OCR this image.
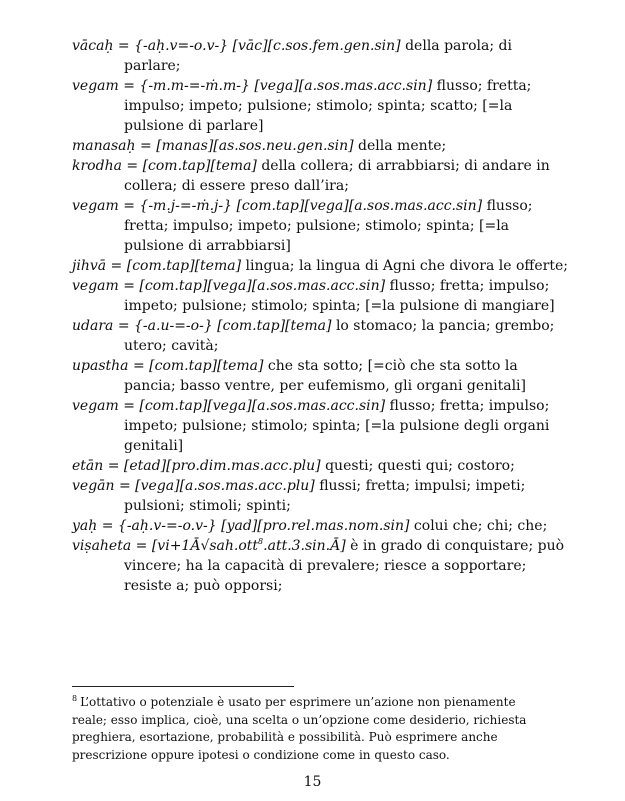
vācaḥ = {-aḥ.v=-o.v-} [vāc][c.sos.fem.gen.sin] della parola; di parlare;

vegam = {-m.m-=-ṁ.m-} [vega][a.sos.mas.acc.sin] flusso; fretta; impulso; impeto; pulsione; stimolo; spinta; scatto; [=la pulsione di parlare]

manasaḥ = [manas][as.sos.neu.gen.sin] della mente;

krodha = [com.tap][tema] della collera; di arrabbiarsi; di andare in collera; di essere preso dall’ira;

vegam = {-m.j-=-ṁ.j-} [com.tap][vega][a.sos.mas.acc.sin] flusso; fretta; impulso; impeto; pulsione; stimolo; spinta; [=la pulsione di arrabbiarsi]

jihvā = [com.tap][tema] lingua; la lingua di Agni che divora le offerte;

vegam = [com.tap][vega][a.sos.mas.acc.sin] flusso; fretta; impulso; impeto; pulsione; stimolo; spinta; [=la pulsione di mangiare]

udara = {-a.u-=-o-} [com.tap][tema] lo stomaco; la pancia; grembo; utero; cavità;

upastha = [com.tap][tema] che sta sotto; [=ciò che sta sotto la pancia; basso ventre, per eufemismo, gli organi genitali]

vegam = [com.tap][vega][a.sos.mas.acc.sin] flusso; fretta; impulso; impeto; pulsione; stimolo; spinta; [=la pulsione degli organi genitali]

etān = [etad][pro.dim.mas.acc.plu] questi; questi qui; costoro;

vegān = [vega][a.sos.mas.acc.plu] flussi; fretta; impulsi; impeti; pulsioni; stimoli; spinti;

yaḥ = {-aḥ.v-=-o.v-} [yad][pro.rel.mas.nom.sin] colui che; chi; che;

viṣaheta = [vi+1Ā√sah.ott$^8$.att.3.sin.Ā] è in grado di conquistare; può vincere; ha la capacità di prevalere; riesce a sopportare; resiste a; può opporsi;

$^8$ L’ottativo o potenziale è usato per esprimere un’azione non pienamente reale; esso implica, cioè, una scelta o un’opzione come desiderio, richiesta preghiera, esortazione, probabilità e possibilità. Può esprimere anche prescrizione oppure ipotesi o condizione come in questo caso.
15
